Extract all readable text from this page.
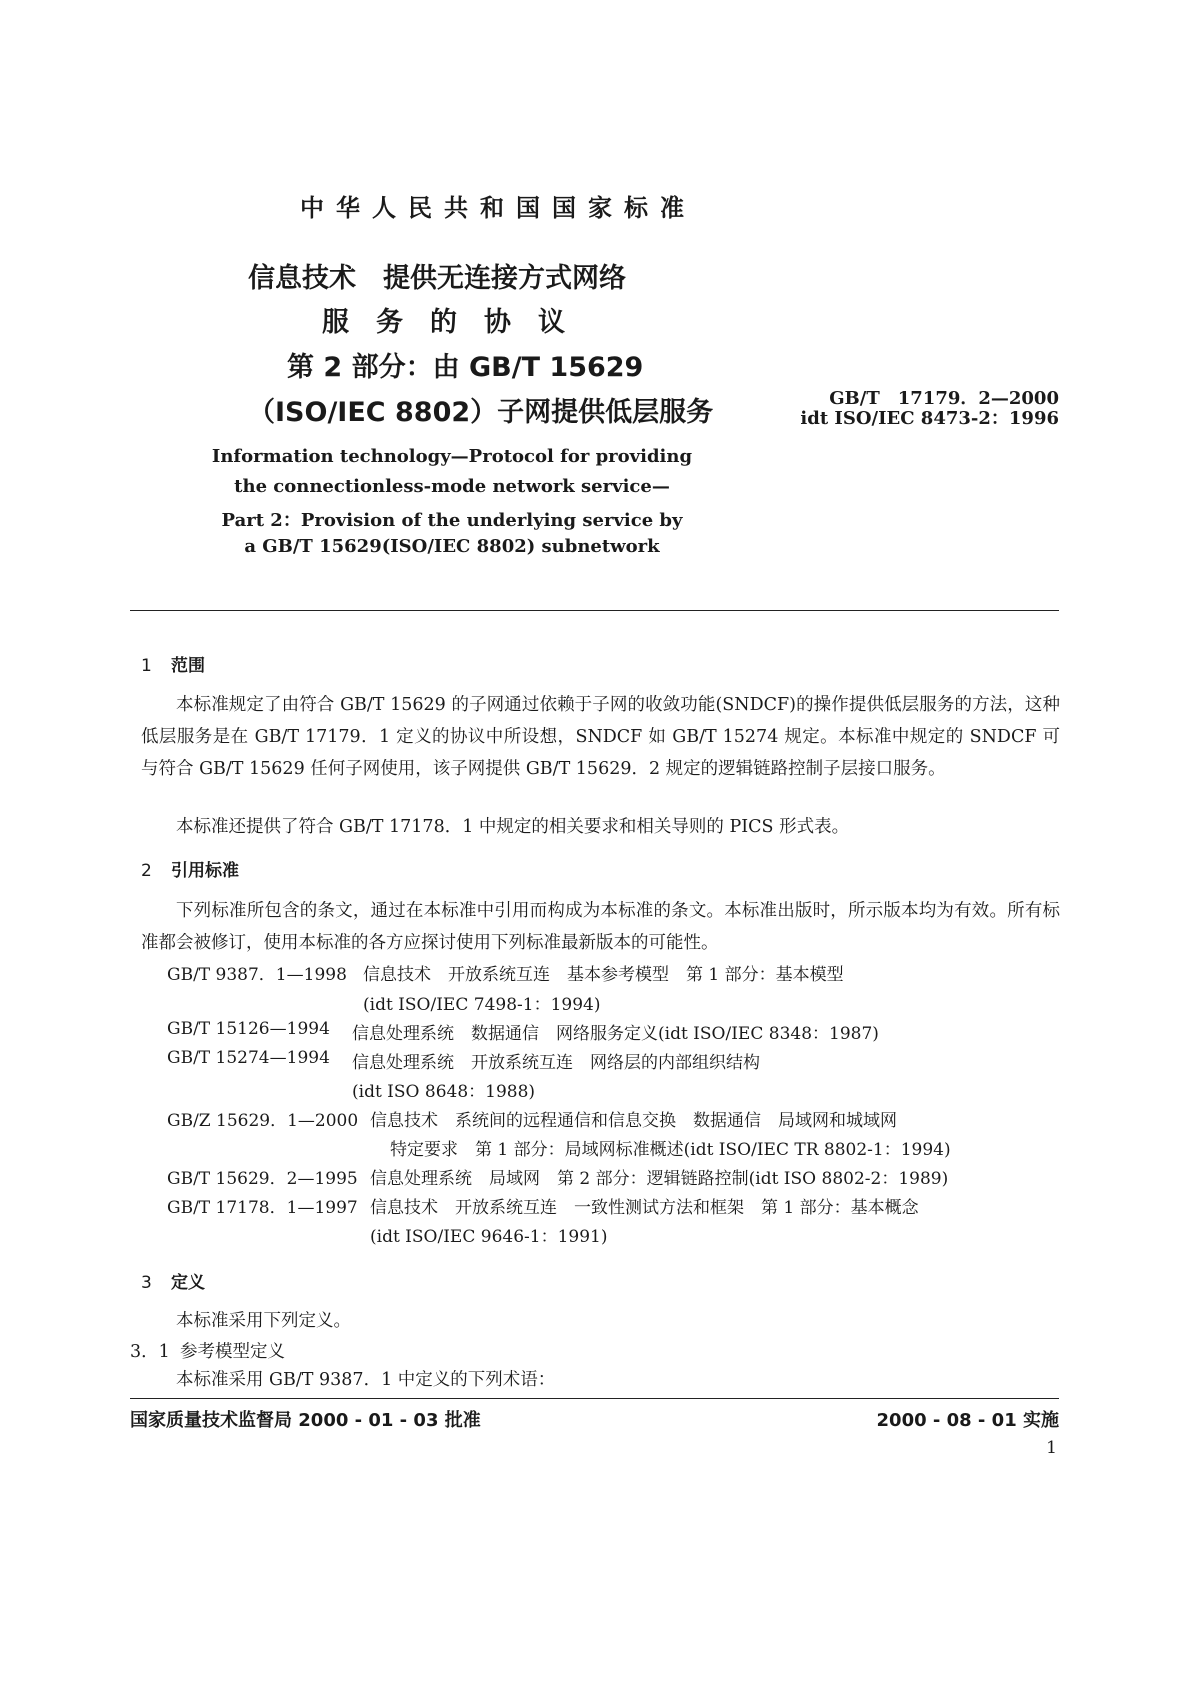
中华人民共和国国家标准
信息技术　提供无连接方式网络
服　务　的　协　议
第 2 部分：由 GB/T 15629
（ISO/IEC 8802）子网提供低层服务	GB/T　17179．2—2000
idt ISO/IEC 8473-2：1996
Information technology—Protocol for providing
the connectionless-mode network service—
Part 2：Provision of the underlying service by
a GB/T 15629(ISO/IEC 8802) subnetwork
1 范围
本标准规定了由符合 GB/T 15629 的子网通过依赖于子网的收敛功能(SNDCF)的操作提供低层服务的方法，这种低层服务是在 GB/T 17179．1 定义的协议中所设想，SNDCF 如 GB/T 15274 规定。本标准中规定的 SNDCF 可与符合 GB/T 15629 任何子网使用，该子网提供 GB/T 15629．2 规定的逻辑链路控制子层接口服务。
本标准还提供了符合 GB/T 17178．1 中规定的相关要求和相关导则的 PICS 形式表。
2 引用标准
下列标准所包含的条文，通过在本标准中引用而构成为本标准的条文。本标准出版时，所示版本均为有效。所有标准都会被修订，使用本标准的各方应探讨使用下列标准最新版本的可能性。
GB/T 9387．1—1998 信息技术　开放系统互连　基本参考模型　第 1 部分：基本模型
(idt ISO/IEC 7498-1：1994)
GB/T 15126—1994 信息处理系统　数据通信　网络服务定义(idt ISO/IEC 8348：1987)
GB/T 15274—1994 信息处理系统　开放系统互连　网络层的内部组织结构
(idt ISO 8648：1988)
GB/Z 15629．1—2000 信息技术　系统间的远程通信和信息交换　数据通信　局域网和城域网
特定要求　第 1 部分：局域网标准概述(idt ISO/IEC TR 8802-1：1994)
GB/T 15629．2—1995 信息处理系统　局域网　第 2 部分：逻辑链路控制(idt ISO 8802-2：1989)
GB/T 17178．1—1997 信息技术　开放系统互连　一致性测试方法和框架　第 1 部分：基本概念
(idt ISO/IEC 9646-1：1991)
3 定义
本标准采用下列定义。
3．1 参考模型定义
本标准采用 GB/T 9387．1 中定义的下列术语：
国家质量技术监督局 2000 - 01 - 03 批准	2000 - 08 - 01 实施
1
